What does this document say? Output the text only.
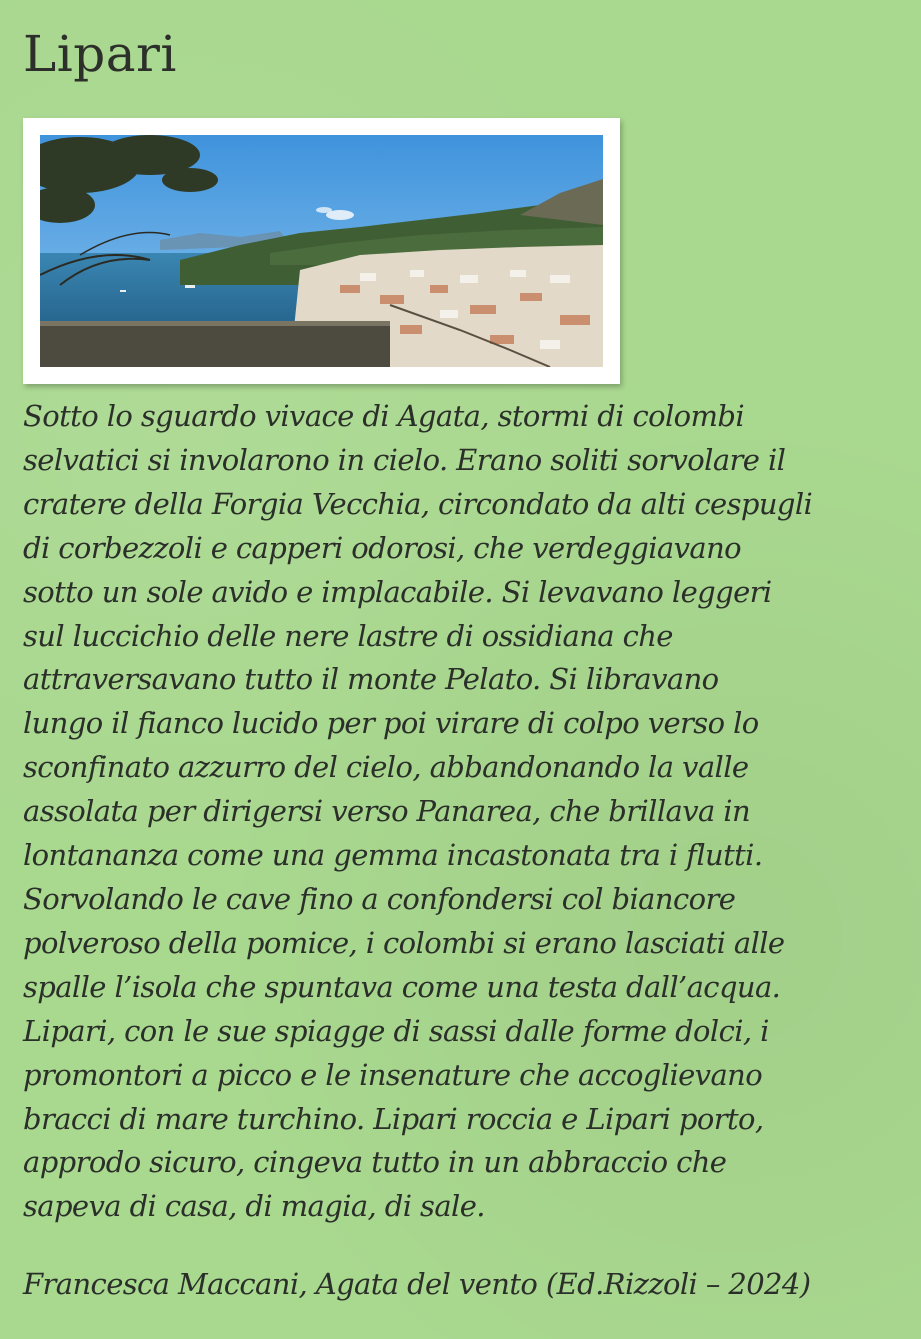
Lipari

Sotto lo sguardo vivace di Agata, stormi di colombi
selvatici si involarono in cielo. Erano soliti sorvolare il
cratere della Forgia Vecchia, circondato da alti cespugli
di corbezzoli e capperi odorosi, che verdeggiavano
sotto un sole avido e implacabile. Si levavano leggeri
sul luccichio delle nere lastre di ossidiana che
attraversavano tutto il monte Pelato. Si libravano
lungo il fianco lucido per poi virare di colpo verso lo
sconfinato azzurro del cielo, abbandonando la valle
assolata per dirigersi verso Panarea, che brillava in
lontananza come una gemma incastonata tra i flutti.
Sorvolando le cave fino a confondersi col biancore
polveroso della pomice, i colombi si erano lasciati alle
spalle l’isola che spuntava come una testa dall’acqua.
Lipari, con le sue spiagge di sassi dalle forme dolci, i
promontori a picco e le insenature che accoglievano
bracci di mare turchino. Lipari roccia e Lipari porto,
approdo sicuro, cingeva tutto in un abbraccio che
sapeva di casa, di magia, di sale.

Francesca Maccani, Agata del vento (Ed.Rizzoli – 2024)
